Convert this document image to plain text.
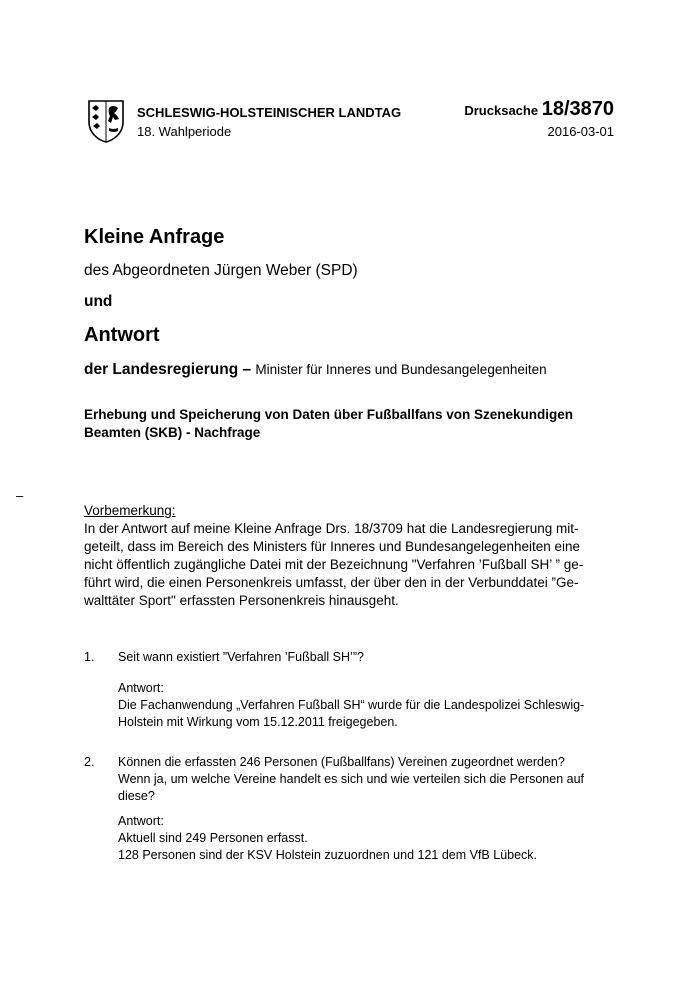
SCHLESWIG-HOLSTEINISCHER LANDTAG
18. Wahlperiode
Drucksache 18/3870
2016-03-01
Kleine Anfrage
des Abgeordneten Jürgen Weber (SPD)
und
Antwort
der Landesregierung – Minister für Inneres und Bundesangelegenheiten
Erhebung und Speicherung von Daten über Fußballfans von Szenekundigen
Beamten (SKB) - Nachfrage
–
Vorbemerkung:
In der Antwort auf meine Kleine Anfrage Drs. 18/3709 hat die Landesregierung mit-
geteilt, dass im Bereich des Ministers für Inneres und Bundesangelegenheiten eine
nicht öffentlich zugängliche Datei mit der Bezeichnung "Verfahren ’Fußball SH’ ” ge-
führt wird, die einen Personenkreis umfasst, der über den in der Verbunddatei ”Ge-
walttäter Sport" erfassten Personenkreis hinausgeht.
1. Seit wann existiert ”Verfahren ’Fußball SH’”?
Antwort:
Die Fachanwendung „Verfahren Fußball SH“ wurde für die Landespolizei Schleswig-
Holstein mit Wirkung vom 15.12.2011 freigegeben.
2. Können die erfassten 246 Personen (Fußballfans) Vereinen zugeordnet werden?
Wenn ja, um welche Vereine handelt es sich und wie verteilen sich die Personen auf
diese?
Antwort:
Aktuell sind 249 Personen erfasst.
128 Personen sind der KSV Holstein zuzuordnen und 121 dem VfB Lübeck.
